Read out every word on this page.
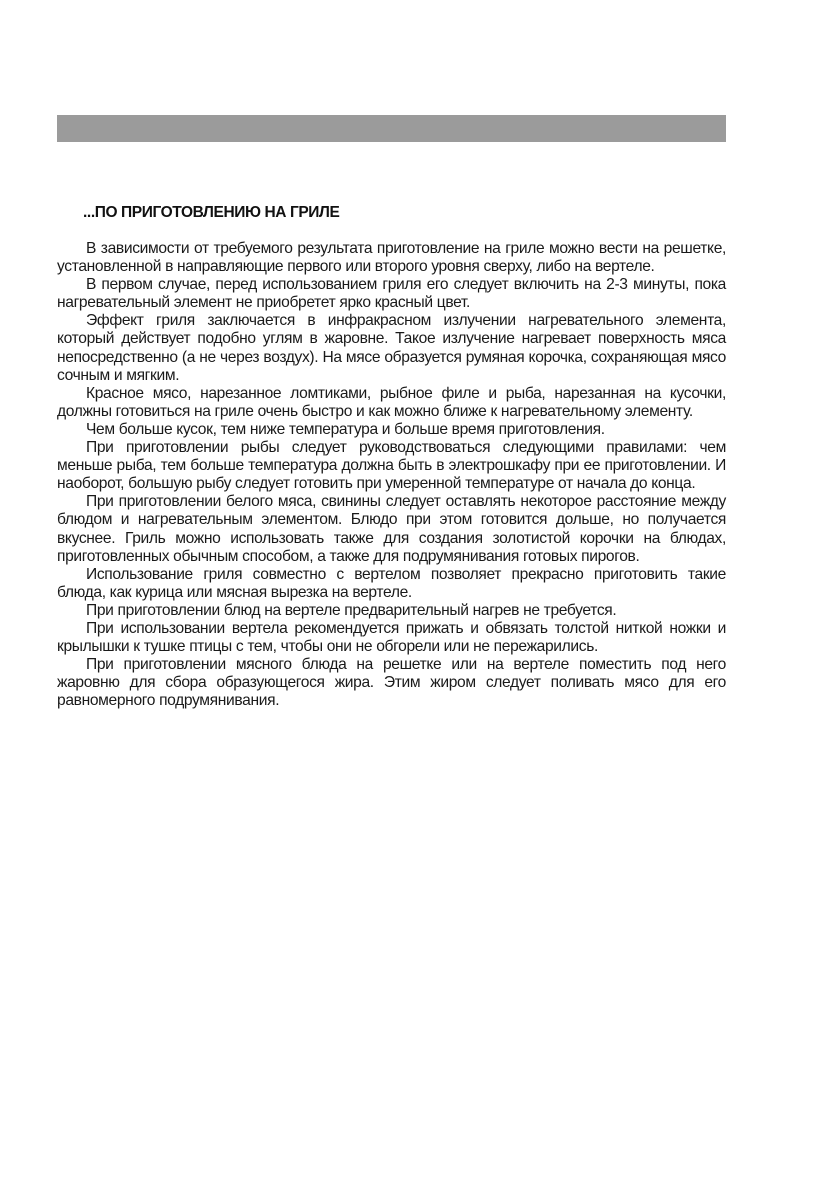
...ПО ПРИГОТОВЛЕНИЮ НА ГРИЛЕ

В зависимости от требуемого результата приготовление на гриле можно вести на решетке, установленной в направляющие первого или второго уровня сверху, либо на вертеле.

В первом случае, перед использованием гриля его следует включить на 2-3 минуты, пока нагревательный элемент не приобретет ярко красный цвет.

Эффект гриля заключается в инфракрасном излучении нагревательного элемента, который действует подобно углям в жаровне. Такое излучение нагревает поверхность мяса непосредственно (а не через воздух). На мясе образуется румяная корочка, сохраняющая мясо сочным и мягким.

Красное мясо, нарезанное ломтиками, рыбное филе и рыба, нарезанная на кусочки, должны готовиться на гриле очень быстро и как можно ближе к нагревательному элементу.

Чем больше кусок, тем ниже температура и больше время приготовления.

При приготовлении рыбы следует руководствоваться следующими правилами: чем меньше рыба, тем больше температура должна быть в электрошкафу при ее приготовлении. И наоборот, большую рыбу следует готовить при умеренной температуре от начала до конца.

При приготовлении белого мяса, свинины следует оставлять некоторое расстояние между блюдом и нагревательным элементом. Блюдо при этом готовится дольше, но получается вкуснее. Гриль можно использовать также для создания золотистой корочки на блюдах, приготовленных обычным способом, а также для подрумянивания готовых пирогов.

Использование гриля совместно с вертелом позволяет прекрасно приготовить такие блюда, как курица или мясная вырезка на вертеле.

При приготовлении блюд на вертеле предварительный нагрев не требуется.

При использовании вертела рекомендуется прижать и обвязать толстой ниткой ножки и крылышки к тушке птицы с тем, чтобы они не обгорели или не пережарились.

При приготовлении мясного блюда на решетке или на вертеле поместить под него жаровню для сбора образующегося жира. Этим жиром следует поливать мясо для его равномерного подрумянивания.
